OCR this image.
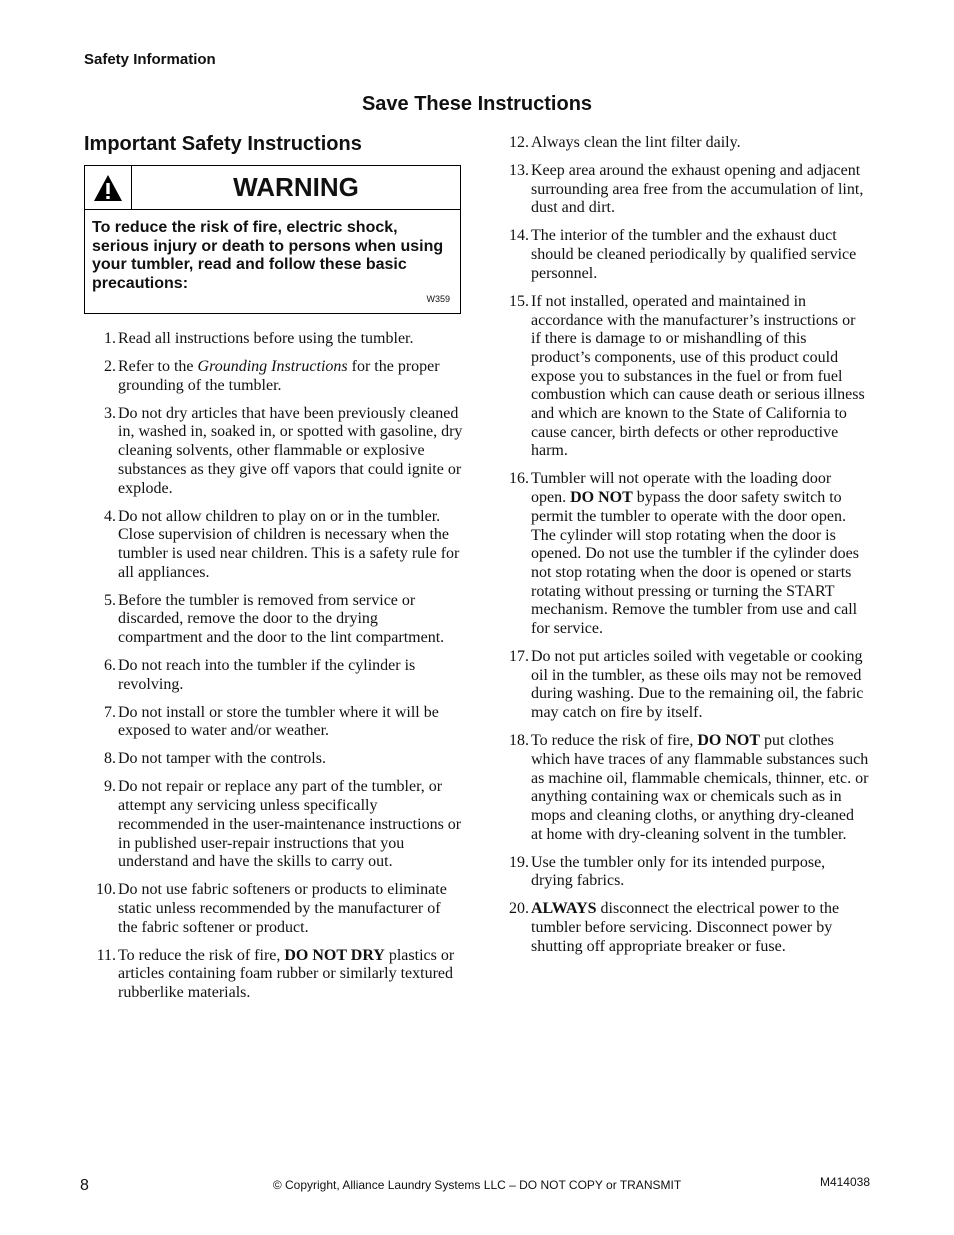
Safety Information
Save These Instructions
Important Safety Instructions
WARNING
To reduce the risk of fire, electric shock, serious injury or death to persons when using your tumbler, read and follow these basic precautions:
W359
1. Read all instructions before using the tumbler.
2. Refer to the Grounding Instructions for the proper grounding of the tumbler.
3. Do not dry articles that have been previously cleaned in, washed in, soaked in, or spotted with gasoline, dry cleaning solvents, other flammable or explosive substances as they give off vapors that could ignite or explode.
4. Do not allow children to play on or in the tumbler. Close supervision of children is necessary when the tumbler is used near children. This is a safety rule for all appliances.
5. Before the tumbler is removed from service or discarded, remove the door to the drying compartment and the door to the lint compartment.
6. Do not reach into the tumbler if the cylinder is revolving.
7. Do not install or store the tumbler where it will be exposed to water and/or weather.
8. Do not tamper with the controls.
9. Do not repair or replace any part of the tumbler, or attempt any servicing unless specifically recommended in the user-maintenance instructions or in published user-repair instructions that you understand and have the skills to carry out.
10. Do not use fabric softeners or products to eliminate static unless recommended by the manufacturer of the fabric softener or product.
11. To reduce the risk of fire, DO NOT DRY plastics or articles containing foam rubber or similarly textured rubberlike materials.
12. Always clean the lint filter daily.
13. Keep area around the exhaust opening and adjacent surrounding area free from the accumulation of lint, dust and dirt.
14. The interior of the tumbler and the exhaust duct should be cleaned periodically by qualified service personnel.
15. If not installed, operated and maintained in accordance with the manufacturer’s instructions or if there is damage to or mishandling of this product’s components, use of this product could expose you to substances in the fuel or from fuel combustion which can cause death or serious illness and which are known to the State of California to cause cancer, birth defects or other reproductive harm.
16. Tumbler will not operate with the loading door open. DO NOT bypass the door safety switch to permit the tumbler to operate with the door open. The cylinder will stop rotating when the door is opened. Do not use the tumbler if the cylinder does not stop rotating when the door is opened or starts rotating without pressing or turning the START mechanism. Remove the tumbler from use and call for service.
17. Do not put articles soiled with vegetable or cooking oil in the tumbler, as these oils may not be removed during washing. Due to the remaining oil, the fabric may catch on fire by itself.
18. To reduce the risk of fire, DO NOT put clothes which have traces of any flammable substances such as machine oil, flammable chemicals, thinner, etc. or anything containing wax or chemicals such as in mops and cleaning cloths, or anything dry-cleaned at home with dry-cleaning solvent in the tumbler.
19. Use the tumbler only for its intended purpose, drying fabrics.
20. ALWAYS disconnect the electrical power to the tumbler before servicing. Disconnect power by shutting off appropriate breaker or fuse.
8	© Copyright, Alliance Laundry Systems LLC – DO NOT COPY or TRANSMIT	M414038
